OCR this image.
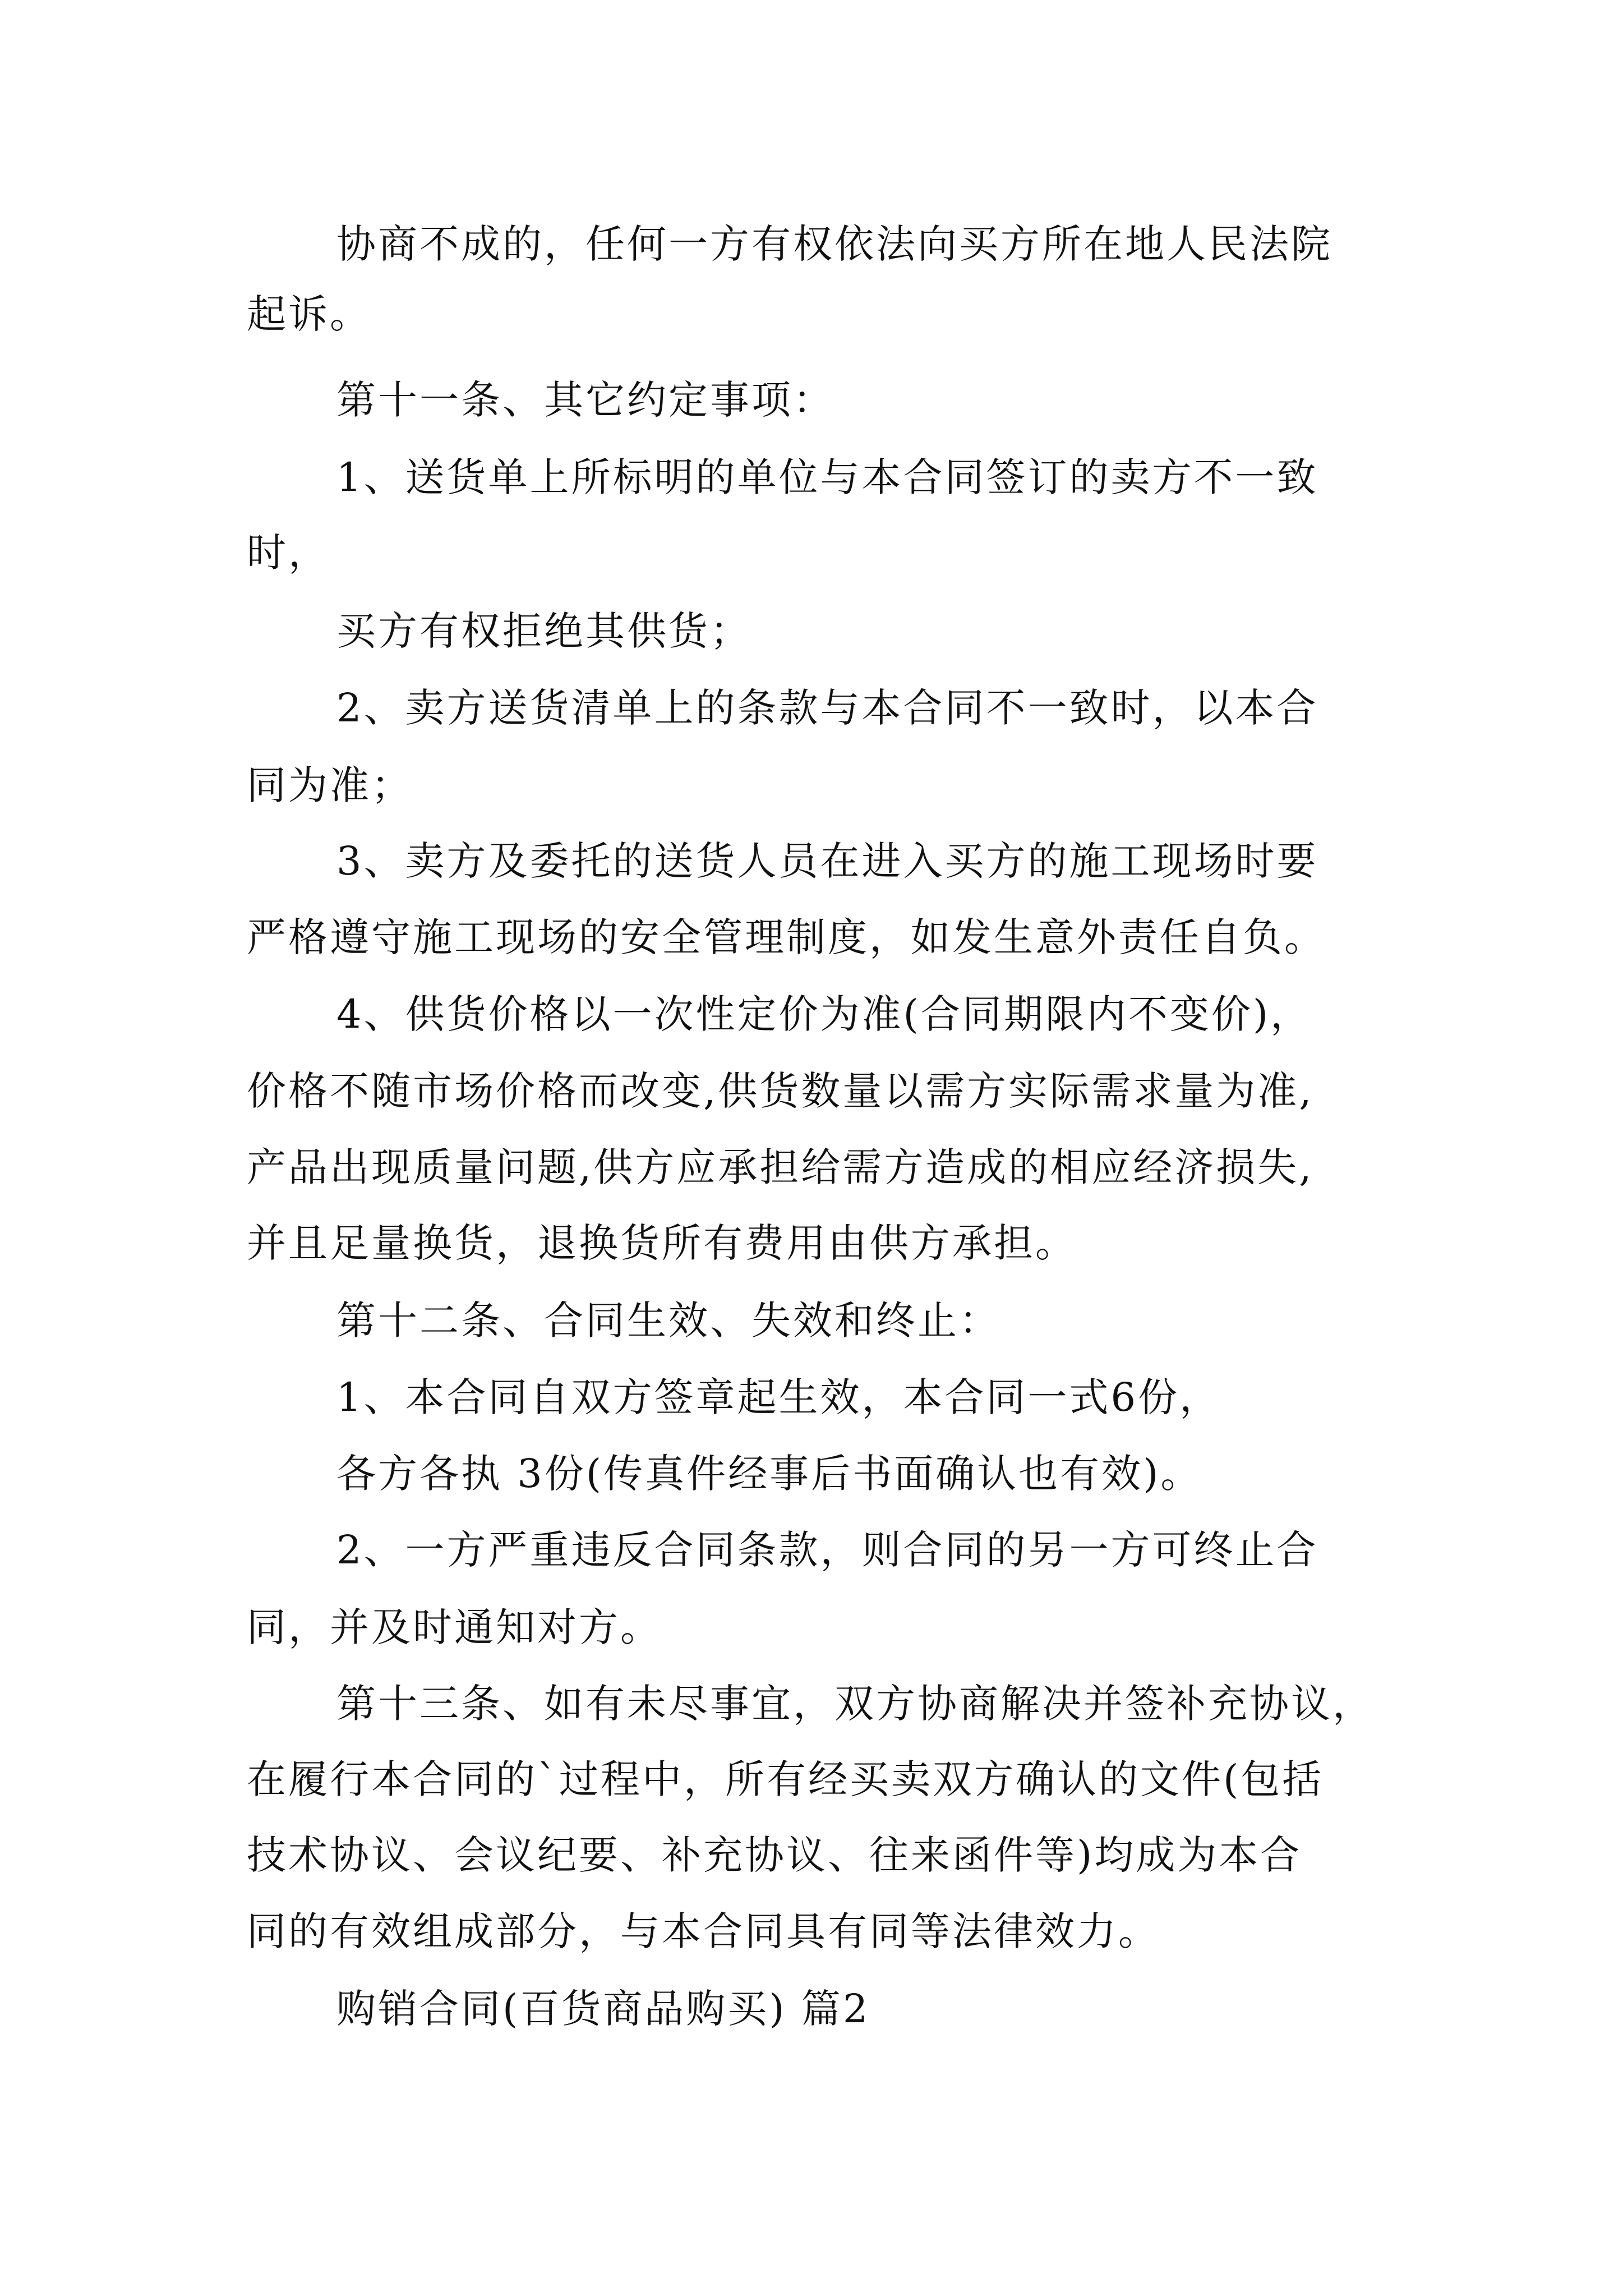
协商不成的，任何一方有权依法向买方所在地人民法院
起诉。
第十一条、其它约定事项：
1、送货单上所标明的单位与本合同签订的卖方不一致
时，
买方有权拒绝其供货；
2、卖方送货清单上的条款与本合同不一致时，以本合
同为准；
3、卖方及委托的送货人员在进入买方的施工现场时要
严格遵守施工现场的安全管理制度，如发生意外责任自负。
4、供货价格以一次性定价为准(合同期限内不变价)，
价格不随市场价格而改变,供货数量以需方实际需求量为准,
产品出现质量问题,供方应承担给需方造成的相应经济损失,
并且足量换货，退换货所有费用由供方承担。
第十二条、合同生效、失效和终止：
1、本合同自双方签章起生效，本合同一式6份，
各方各执 3份(传真件经事后书面确认也有效)。
2、一方严重违反合同条款，则合同的另一方可终止合
同，并及时通知对方。
第十三条、如有未尽事宜，双方协商解决并签补充协议，
在履行本合同的`过程中，所有经买卖双方确认的文件(包括
技术协议、会议纪要、补充协议、往来函件等)均成为本合
同的有效组成部分，与本合同具有同等法律效力。
购销合同(百货商品购买) 篇2
